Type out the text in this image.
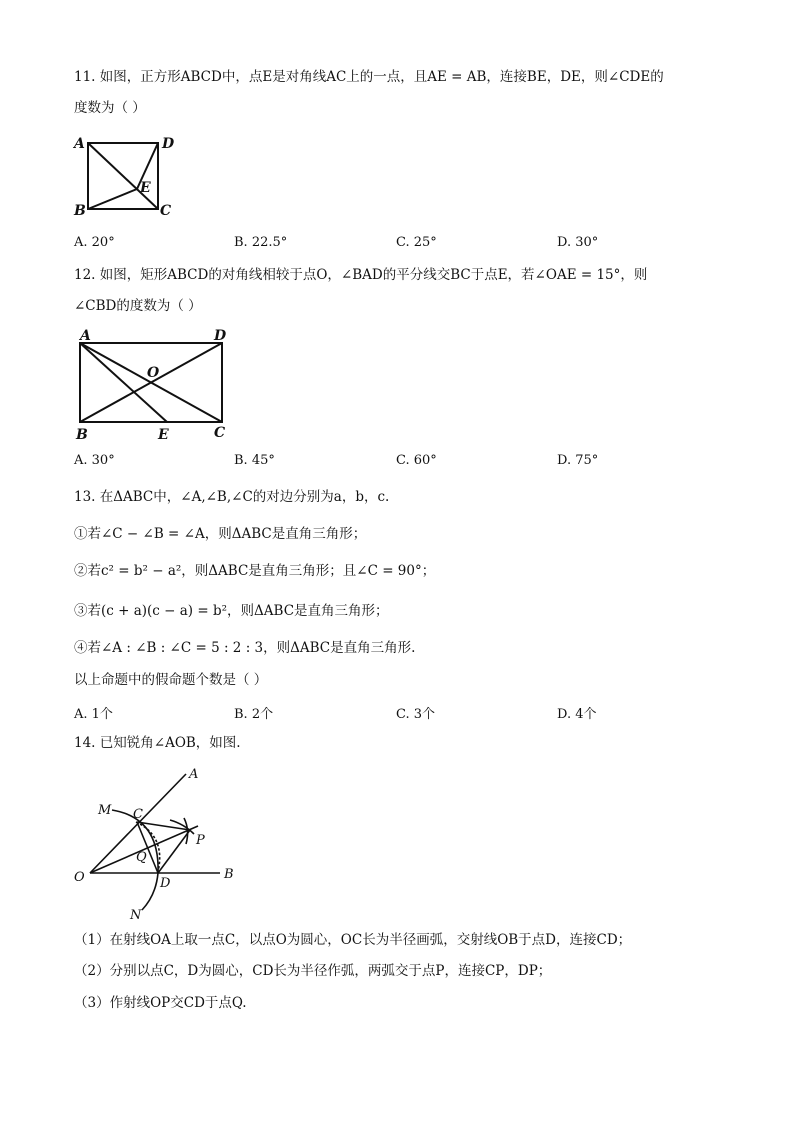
11. 如图，正方形ABCD中，点E是对角线AC上的一点，且AE = AB，连接BE，DE，则∠CDE的
度数为（ ）
A	D
B	C
E
A. 20°	B. 22.5°	C. 25°	D. 30°
12. 如图，矩形ABCD的对角线相较于点O，∠BAD的平分线交BC于点E，若∠OAE = 15°，则
∠CBD的度数为（ ）
A	D
B	E	C
O
A. 30°	B. 45°	C. 60°	D. 75°
13. 在ΔABC中，∠A,∠B,∠C的对边分别为a，b，c.
①若∠C − ∠B = ∠A，则ΔABC是直角三角形；
②若c² = b² − a²，则ΔABC是直角三角形；且∠C = 90°；
③若(c + a)(c − a) = b²，则ΔABC是直角三角形；
④若∠A : ∠B : ∠C = 5 : 2 : 3，则ΔABC是直角三角形.
以上命题中的假命题个数是（ ）
A. 1个	B. 2个	C. 3个	D. 4个
14. 已知锐角∠AOB，如图.
A
B
C
D
M
N
O
P
Q
（1）在射线OA上取一点C，以点O为圆心，OC长为半径画弧，交射线OB于点D，连接CD；
（2）分别以点C，D为圆心，CD长为半径作弧，两弧交于点P，连接CP，DP；
（3）作射线OP交CD于点Q.
